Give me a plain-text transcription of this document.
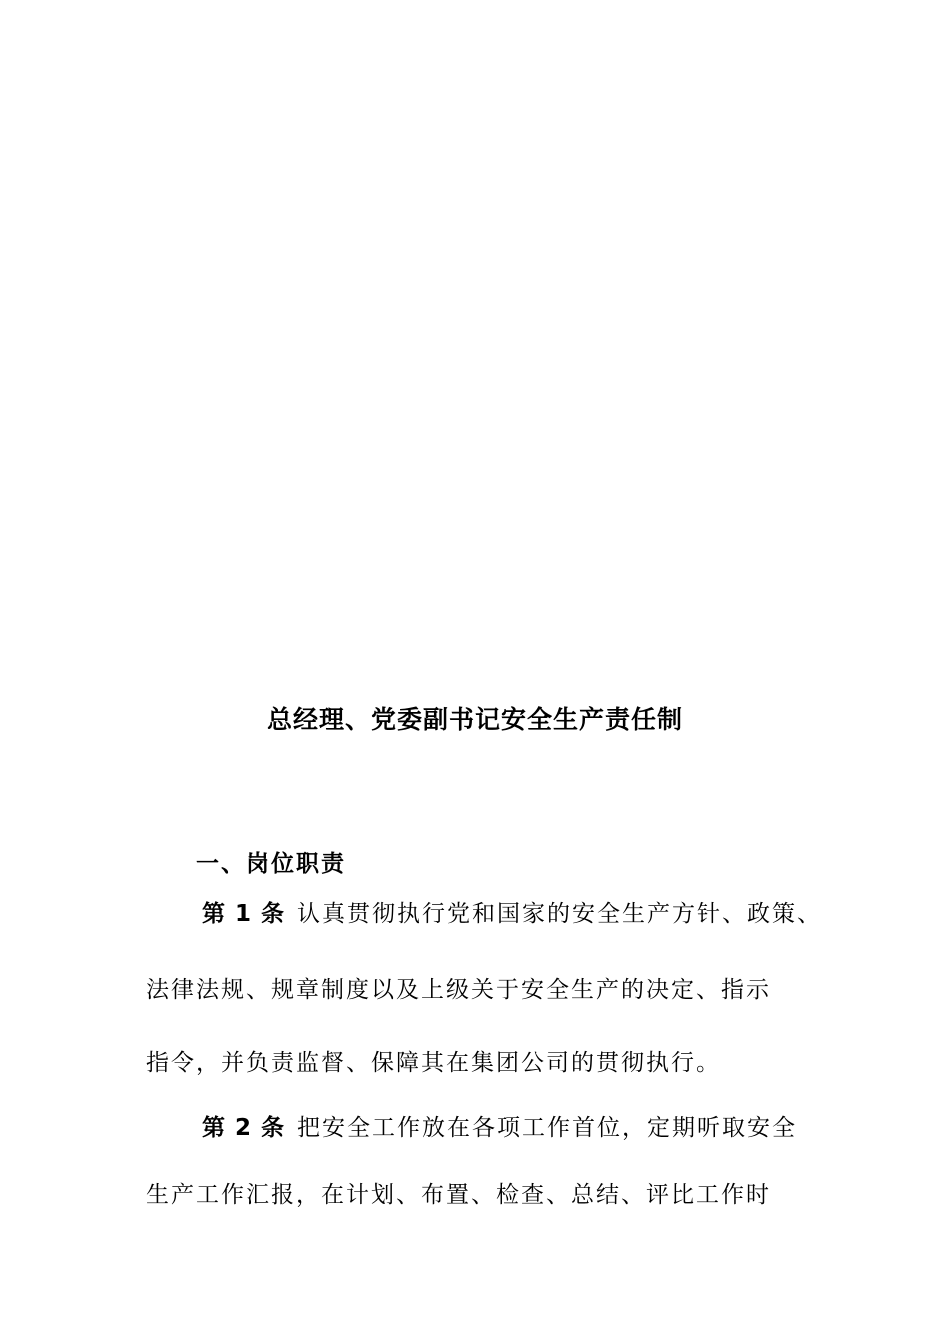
总经理、党委副书记安全生产责任制
一、岗位职责

第 1 条 认真贯彻执行党和国家的安全生产方针、政策、

法律法规、规章制度以及上级关于安全生产的决定、指示

指令，并负责监督、保障其在集团公司的贯彻执行。

第 2 条 把安全工作放在各项工作首位，定期听取安全

生产工作汇报，在计划、布置、检查、总结、评比工作时
